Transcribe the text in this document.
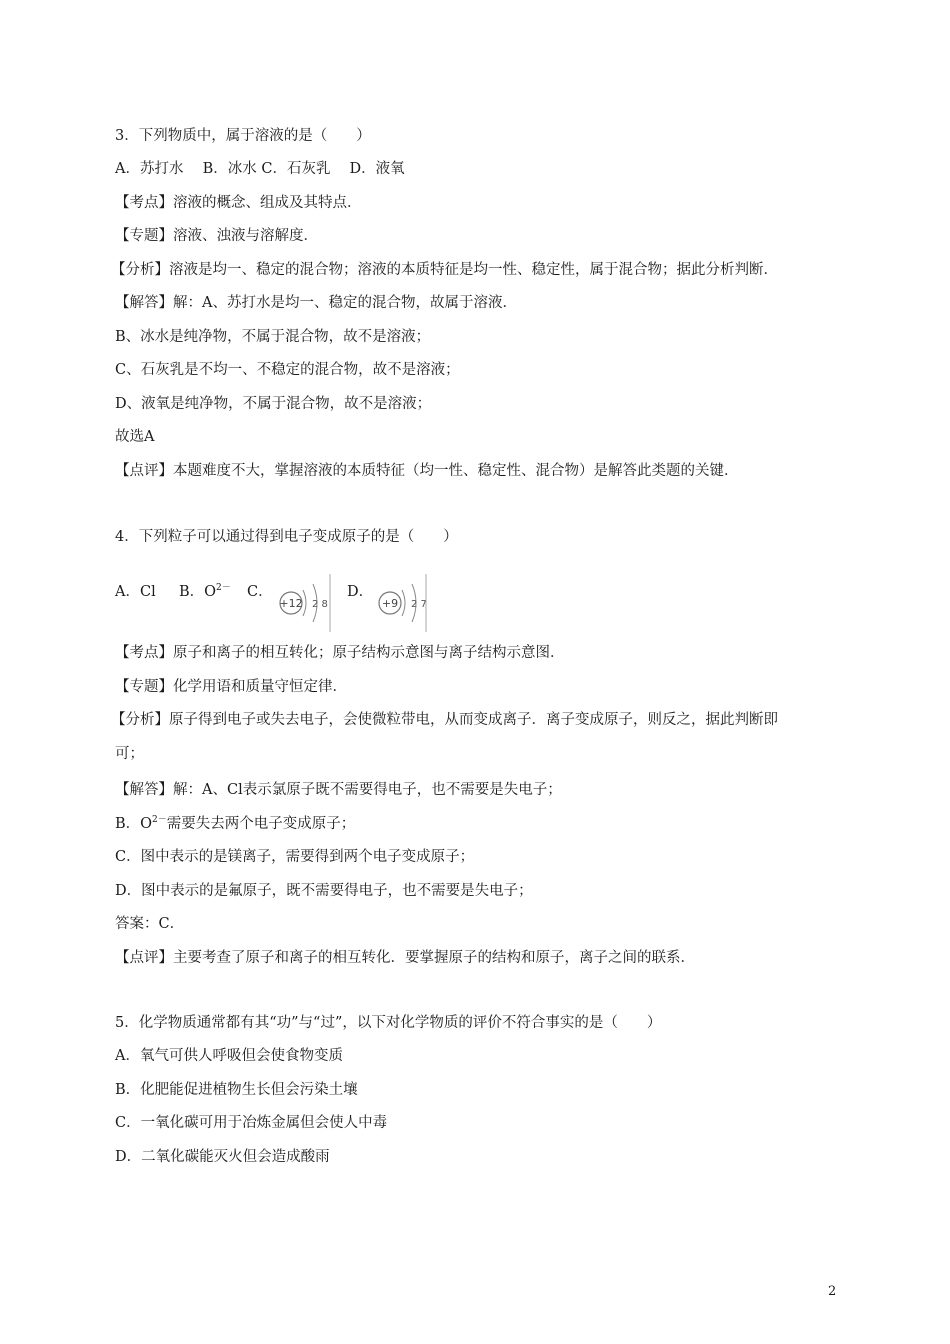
3．下列物质中，属于溶液的是（　　）
A．苏打水　 B．冰水 C．石灰乳　 D．液氧
【考点】溶液的概念、组成及其特点．
【专题】溶液、浊液与溶解度．
【分析】溶液是均一、稳定的混合物；溶液的本质特征是均一性、稳定性，属于混合物；据此分析判断．
【解答】解：A、苏打水是均一、稳定的混合物，故属于溶液．
B、冰水是纯净物，不属于混合物，故不是溶液；
C、石灰乳是不均一、不稳定的混合物，故不是溶液；
D、液氧是纯净物，不属于混合物，故不是溶液；
故选A
【点评】本题难度不大，掌握溶液的本质特征（均一性、稳定性、混合物）是解答此类题的关键．
4．下列粒子可以通过得到电子变成原子的是（　　）
A．Cl B．$O^{2-}$ C．
+12 2 8
D．
+9 2 7
【考点】原子和离子的相互转化；原子结构示意图与离子结构示意图．
【专题】化学用语和质量守恒定律．
【分析】原子得到电子或失去电子，会使微粒带电，从而变成离子．离子变成原子，则反之，据此判断即
可；
【解答】解：A、Cl表示氯原子既不需要得电子，也不需要是失电子；
B．$O^{2-}$需要失去两个电子变成原子；
C．图中表示的是镁离子，需要得到两个电子变成原子；
D．图中表示的是氟原子，既不需要得电子，也不需要是失电子；
答案：C．
【点评】主要考查了原子和离子的相互转化．要掌握原子的结构和原子，离子之间的联系．
5．化学物质通常都有其“功”与“过”，以下对化学物质的评价不符合事实的是（　　）
A．氧气可供人呼吸但会使食物变质
B．化肥能促进植物生长但会污染土壤
C．一氧化碳可用于冶炼金属但会使人中毒
D．二氧化碳能灭火但会造成酸雨
2
